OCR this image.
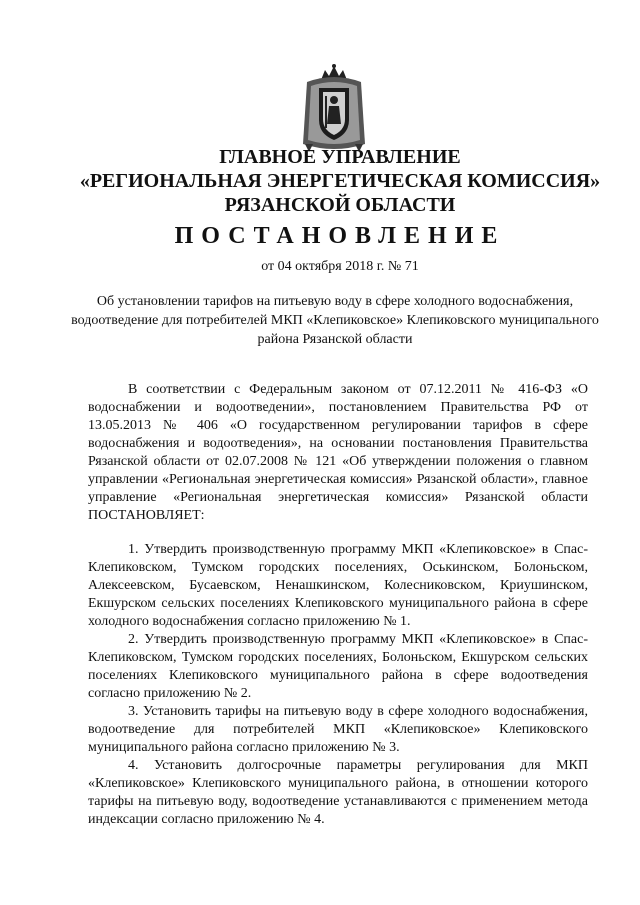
ГЛАВНОЕ УПРАВЛЕНИЕ
«РЕГИОНАЛЬНАЯ ЭНЕРГЕТИЧЕСКАЯ КОМИССИЯ»
РЯЗАНСКОЙ ОБЛАСТИ
ПОСТАНОВЛЕНИЕ
от 04 октября 2018 г. № 71
Об установлении тарифов на питьевую воду в сфере холодного водоснабжения, водоотведение для потребителей МКП «Клепиковское» Клепиковского муниципального района Рязанской области

В соответствии с Федеральным законом от 07.12.2011 № 416-ФЗ «О водоснабжении и водоотведении», постановлением Правительства РФ от 13.05.2013 № 406 «О государственном регулировании тарифов в сфере водоснабжения и водоотведения», на основании постановления Правительства Рязанской области от 02.07.2008 № 121 «Об утверждении положения о главном управлении «Региональная энергетическая комиссия» Рязанской области», главное управление «Региональная энергетическая комиссия» Рязанской области ПОСТАНОВЛЯЕТ:

1. Утвердить производственную программу МКП «Клепиковское» в Спас-Клепиковском, Тумском городских поселениях, Оськинском, Болоньском, Алексеевском, Бусаевском, Ненашкинском, Колесниковском, Криушинском, Екшурском сельских поселениях Клепиковского муниципального района в сфере холодного водоснабжения согласно приложению № 1.

2. Утвердить производственную программу МКП «Клепиковское» в Спас-Клепиковском, Тумском городских поселениях, Болоньском, Екшурском сельских поселениях Клепиковского муниципального района в сфере водоотведения согласно приложению № 2.

3. Установить тарифы на питьевую воду в сфере холодного водоснабжения, водоотведение для потребителей МКП «Клепиковское» Клепиковского муниципального района согласно приложению № 3.

4. Установить долгосрочные параметры регулирования для МКП «Клепиковское» Клепиковского муниципального района, в отношении которого тарифы на питьевую воду, водоотведение устанавливаются с применением метода индексации согласно приложению № 4.
